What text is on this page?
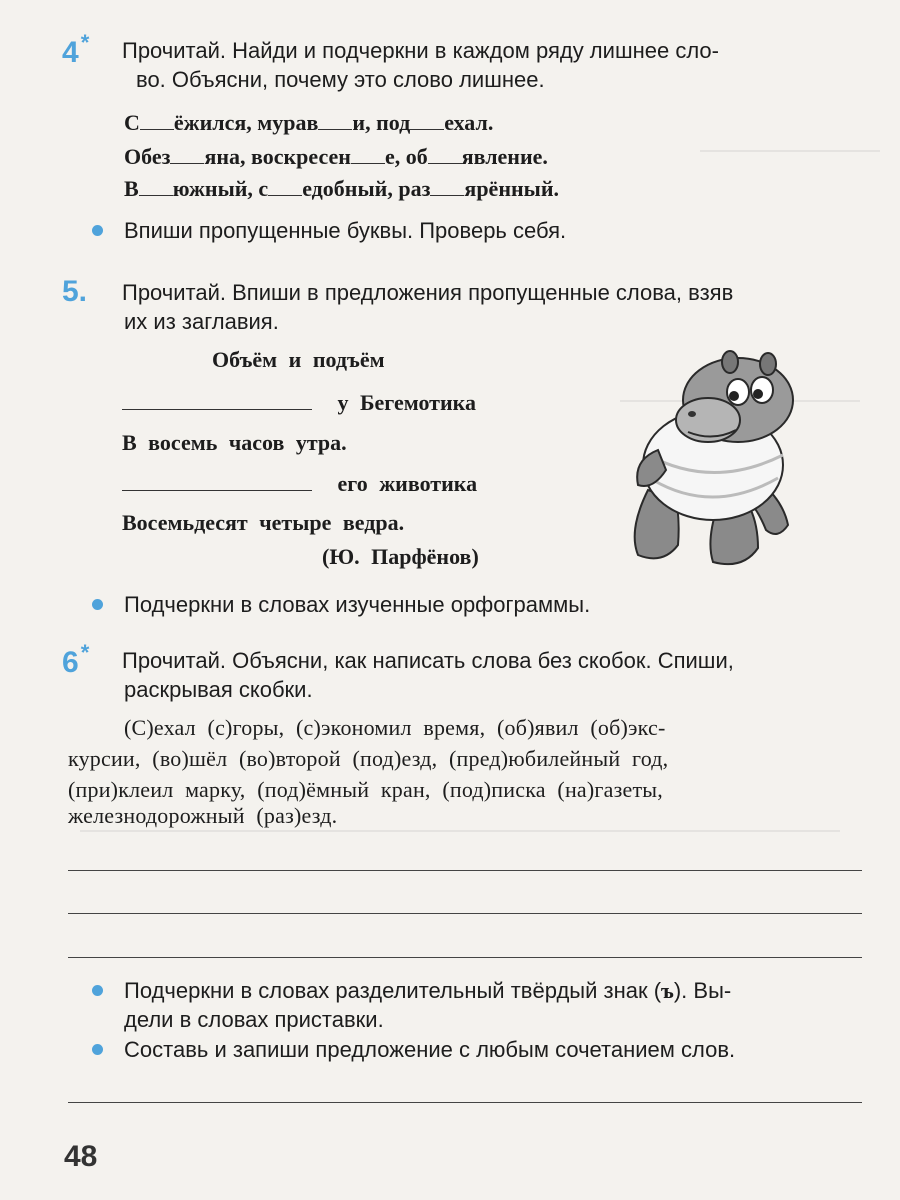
4* Прочитай. Найди и подчеркни в каждом ряду лишнее сло-
во. Объясни, почему это слово лишнее.
С ёжился, мурав и, под ехал.
Обез яна, воскресен е, об явление.
В южный, с едобный, раз ярённый.
Впиши пропущенные буквы. Проверь себя.
5. Прочитай. Впиши в предложения пропущенные слова, взяв
их из заглавия.
Объём и подъём
у Бегемотика
В восемь часов утра.
его животика
Восемьдесят четыре ведра.
(Ю. Парфёнов)
Подчеркни в словах изученные орфограммы.
6* Прочитай. Объясни, как написать слова без скобок. Спиши,
раскрывая скобки.
(С)ехал (с)горы, (с)экономил время, (об)явил (об)экс-
курсии, (во)шёл (во)второй (под)езд, (пред)юбилейный год,
(при)клеил марку, (под)ёмный кран, (под)писка (на)газеты,
железнодорожный (раз)езд.
Подчеркни в словах разделительный твёрдый знак (ъ). Вы-
дели в словах приставки.
Составь и запиши предложение с любым сочетанием слов.
48
